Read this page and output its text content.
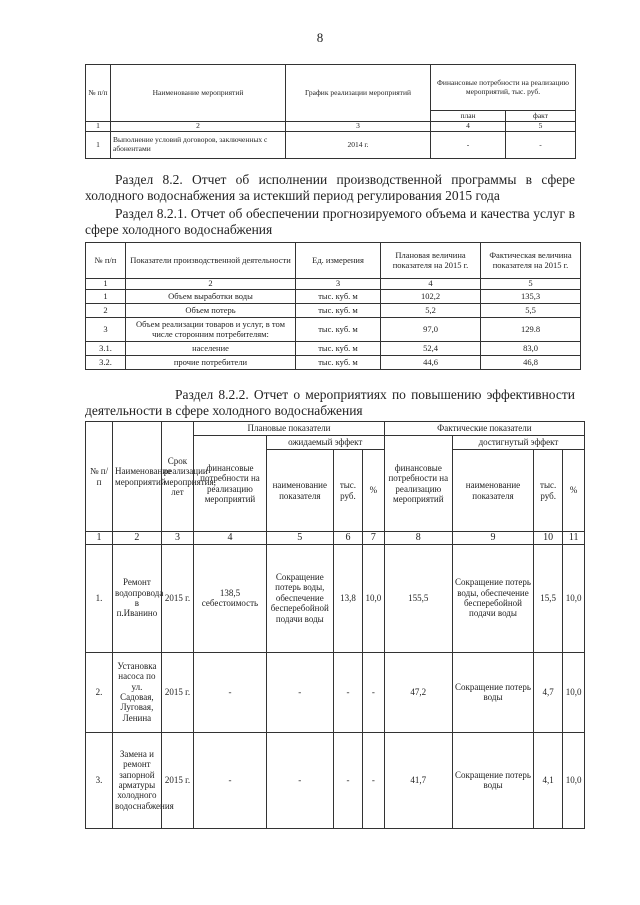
8
№ п/п	Наименование мероприятий	График реализации мероприятий	Финансовые потребности на реализацию мероприятий, тыс. руб.	
			план	факт
1	2	3	4	5
1	Выполнение условий договоров, заключенных с абонентами	2014 г.	-	-
Раздел 8.2. Отчет об исполнении производственной программы в сфере холодного водоснабжения за истекший период регулирования 2015 года
Раздел 8.2.1. Отчет об обеспечении прогнозируемого объема и качества услуг в сфере холодного водоснабжения
№ п/п	Показатели производственной деятельности	Ед. измерения	Плановая величина показателя на 2015 г.	Фактическая величина показателя на 2015 г.
1	2	3	4	5
1	Объем выработки воды	тыс. куб. м	102,2	135,3
2	Объем потерь	тыс. куб. м	5,2	5,5
3	Объем реализации товаров и услуг, в том числе сторонним потребителям:	тыс. куб. м	97,0	129.8
3.1.	население	тыс. куб. м	52,4	83,0
3.2.	прочие потребители	тыс. куб. м	44,6	46,8
Раздел 8.2.2. Отчет о мероприятиях по повышению эффективности деятельности в сфере холодного водоснабжения
№ п/п	Наименование мероприятий	Срок реализации мероприятия, лет	Плановые показатели				Фактические показатели			
			финансовые потребности на реализацию мероприятий	ожидаемый эффект			финансовые потребности на реализацию мероприятий	достигнутый эффект		
				наименование показателя	тыс. руб.	%		наименование показателя	тыс. руб.	%
1	2	3	4	5	6	7	8	9	10	11
1.	Ремонт водопровода в п.Иванино	2015 г.	138,5 себестоимость	Сокращение потерь воды, обеспечение бесперебойной подачи воды	13,8	10,0	155,5	Сокращение потерь воды, обеспечение бесперебойной подачи воды	15,5	10,0
2.	Установка насоса по ул. Садовая, Луговая, Ленина	2015 г.	-	-	-	-	47,2	Сокращение потерь воды	4,7	10,0
3.	Замена и ремонт запорной арматуры холодного водоснабжения	2015 г.	-	-	-	-	41,7	Сокращение потерь воды	4,1	10,0
